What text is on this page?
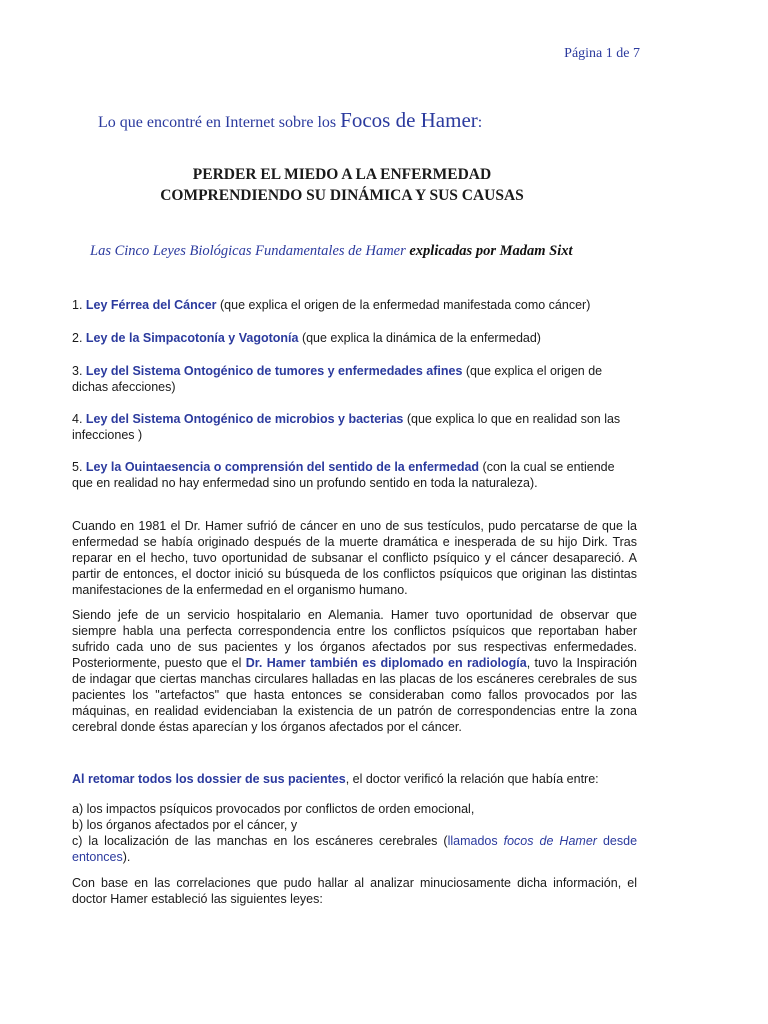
Página 1 de 7
Lo que encontré en Internet sobre los Focos de Hamer:
PERDER EL MIEDO A LA ENFERMEDAD
COMPRENDIENDO SU DINÁMICA Y SUS CAUSAS
Las Cinco Leyes Biológicas Fundamentales de Hamer explicadas por Madam Sixt
1. Ley Férrea del Cáncer (que explica el origen de la enfermedad manifestada como cáncer)
2. Ley de la Simpacotonía y Vagotonía (que explica la dinámica de la enfermedad)
3. Ley del Sistema Ontogénico de tumores y enfermedades afines (que explica el origen de dichas afecciones)
4. Ley del Sistema Ontogénico de microbios y bacterias (que explica lo que en realidad son las infecciones )
5. Ley la Ouintaesencia o comprensión del sentido de la enfermedad (con la cual se entiende que en realidad no hay enfermedad sino un profundo sentido en toda la naturaleza).
Cuando en 1981 el Dr. Hamer sufrió de cáncer en uno de sus testículos, pudo percatarse de que la enfermedad se había originado después de la muerte dramática e inesperada de su hijo Dirk. Tras reparar en el hecho, tuvo oportunidad de subsanar el conflicto psíquico y el cáncer desapareció. A partir de entonces, el doctor inició su búsqueda de los conflictos psíquicos que originan las distintas manifestaciones de la enfermedad en el organismo humano.
Siendo jefe de un servicio hospitalario en Alemania. Hamer tuvo oportunidad de observar que siempre habla una perfecta correspondencia entre los conflictos psíquicos que reportaban haber sufrido cada uno de sus pacientes y los órganos afectados por sus respectivas enfermedades. Posteriormente, puesto que el Dr. Hamer también es diplomado en radiología, tuvo la Inspiración de indagar que ciertas manchas circulares halladas en las placas de los escáneres cerebrales de sus pacientes los "artefactos" que hasta entonces se consideraban como fallos provocados por las máquinas, en realidad evidenciaban la existencia de un patrón de correspondencias entre la zona cerebral donde éstas aparecían y los órganos afectados por el cáncer.
Al retomar todos los dossier de sus pacientes, el doctor verificó la relación que había entre:
a) los impactos psíquicos provocados por conflictos de orden emocional,
b) los órganos afectados por el cáncer, y
c) la localización de las manchas en los escáneres cerebrales (llamados focos de Hamer desde entonces).
Con base en las correlaciones que pudo hallar al analizar minuciosamente dicha información, el doctor Hamer estableció las siguientes leyes:
